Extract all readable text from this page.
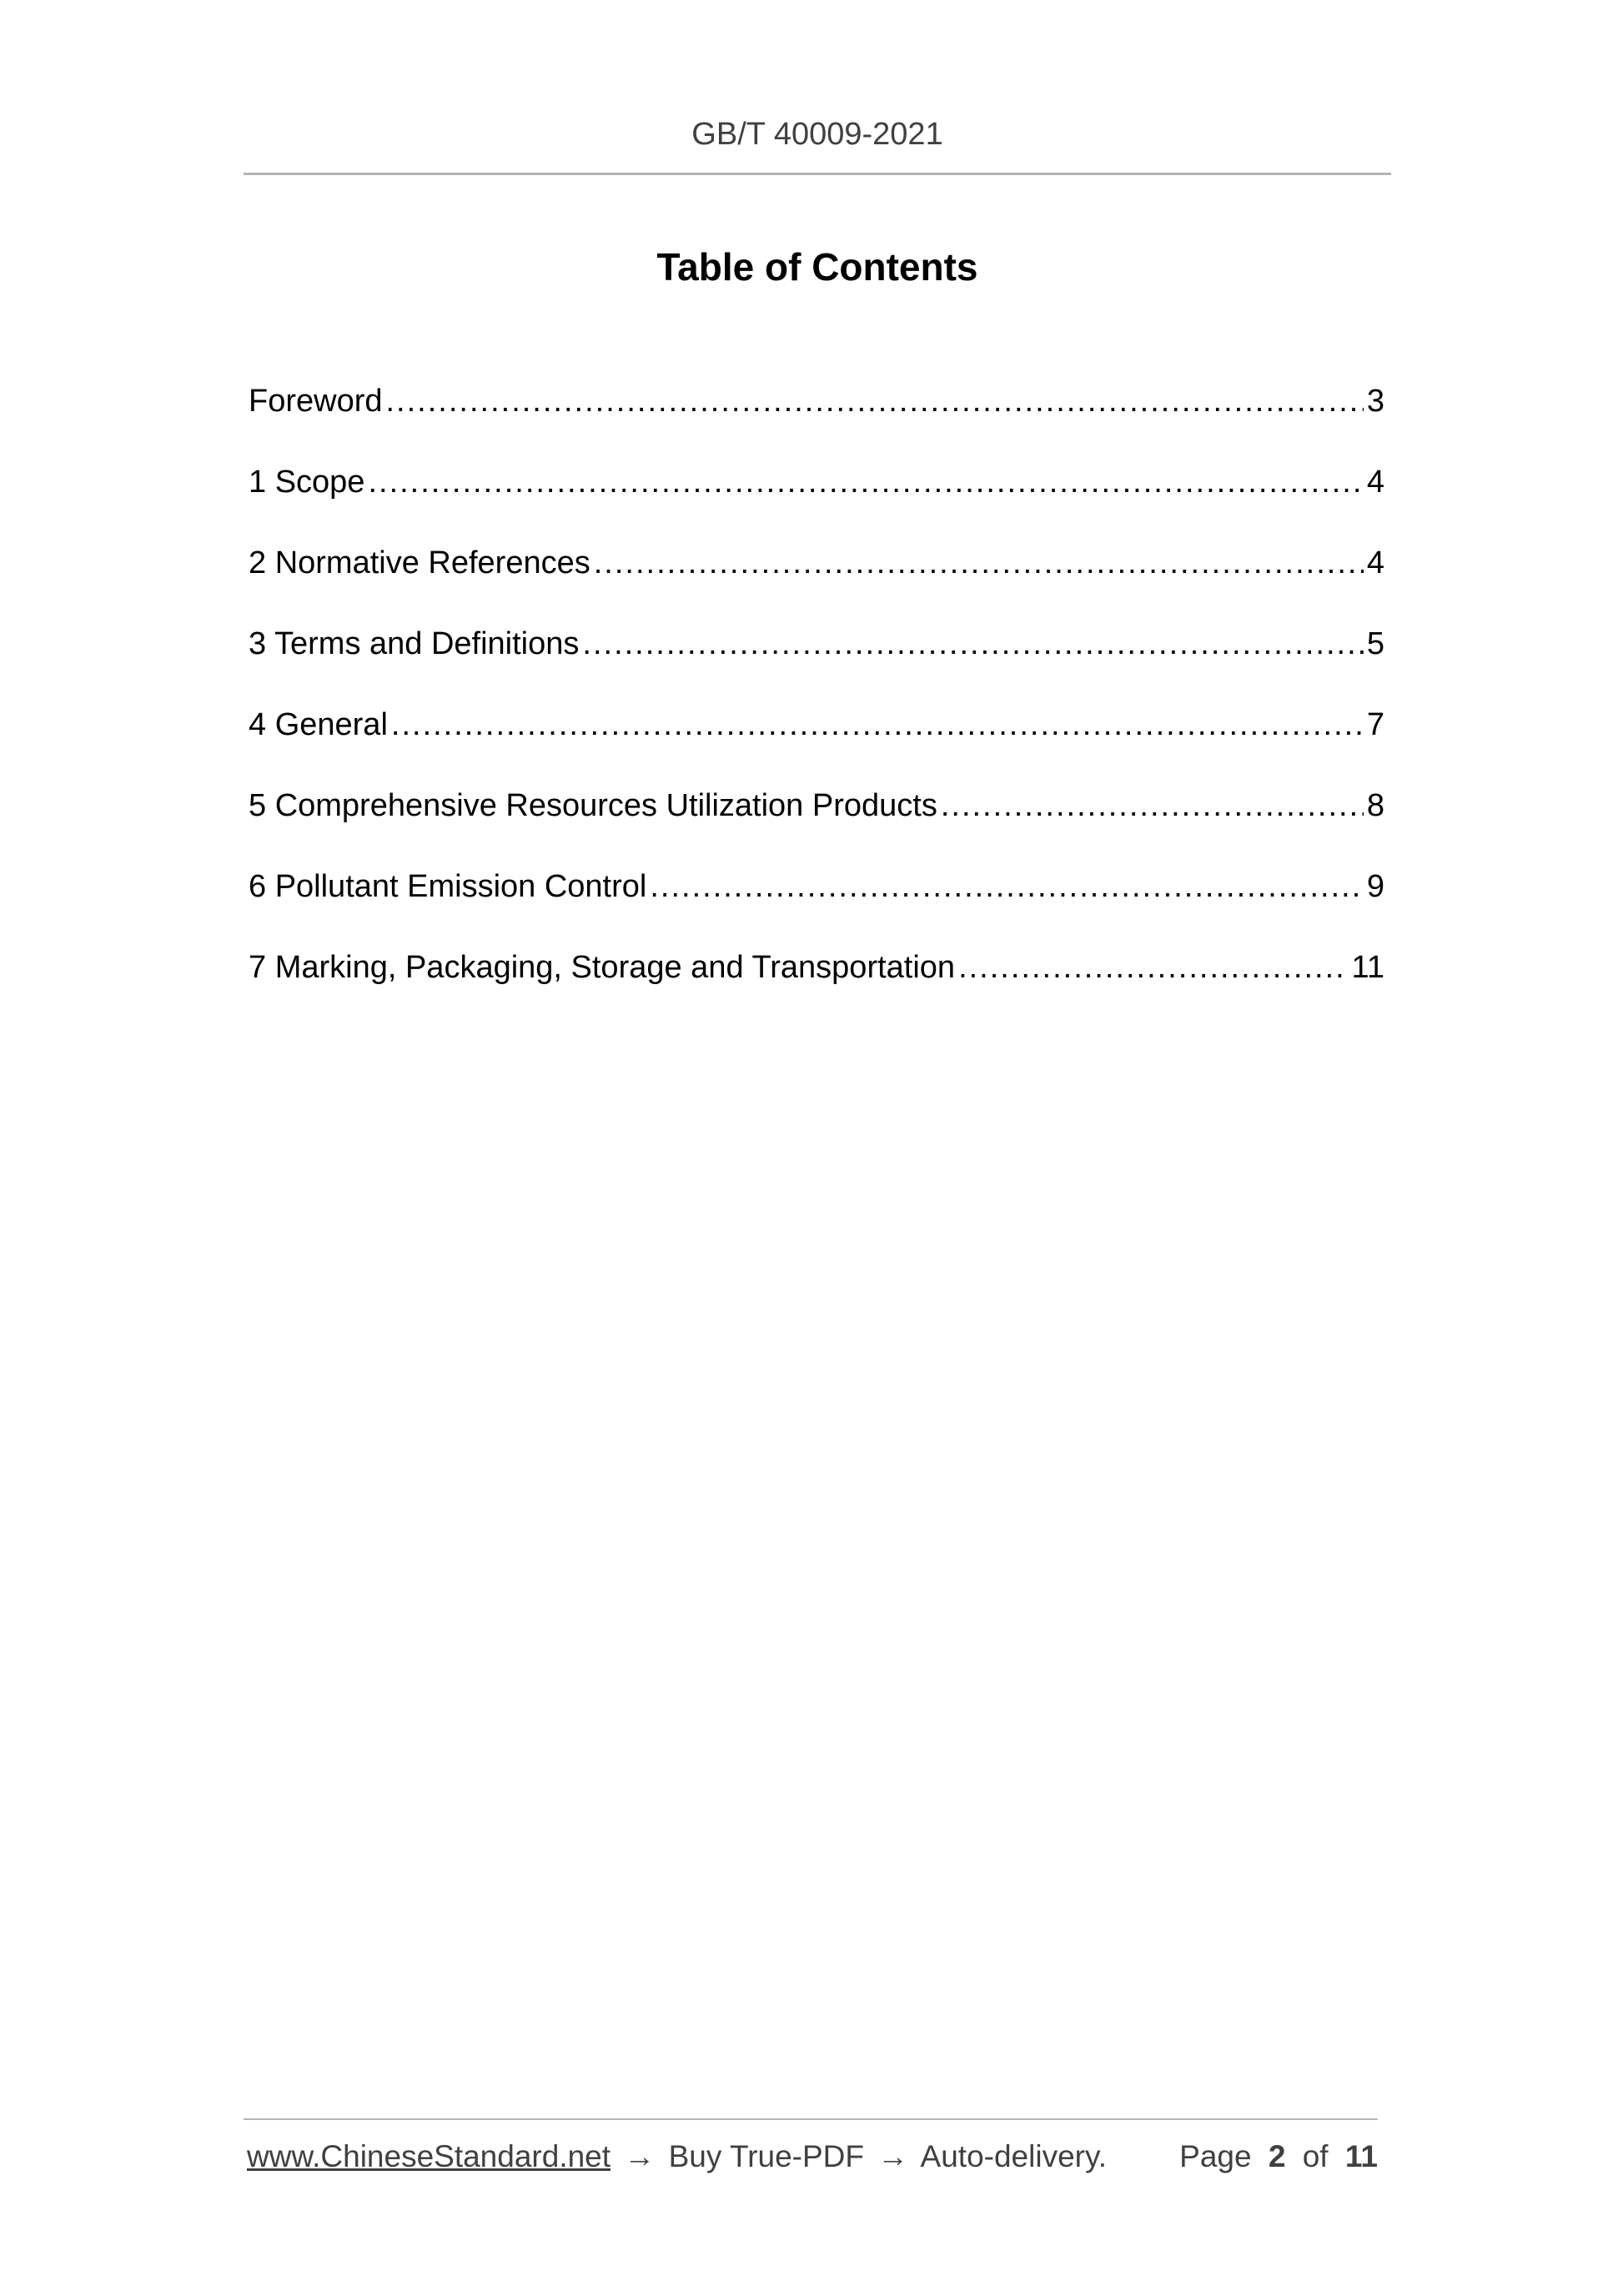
GB/T 40009-2021
Table of Contents
Foreword .....	3
1 Scope .....	4
2 Normative References .....	4
3 Terms and Definitions .....	5
4 General .....	7
5 Comprehensive Resources Utilization Products .....	8
6 Pollutant Emission Control .....	9
7 Marking, Packaging, Storage and Transportation .....	11
www.ChineseStandard.net → Buy True-PDF → Auto-delivery. Page 2 of 11
